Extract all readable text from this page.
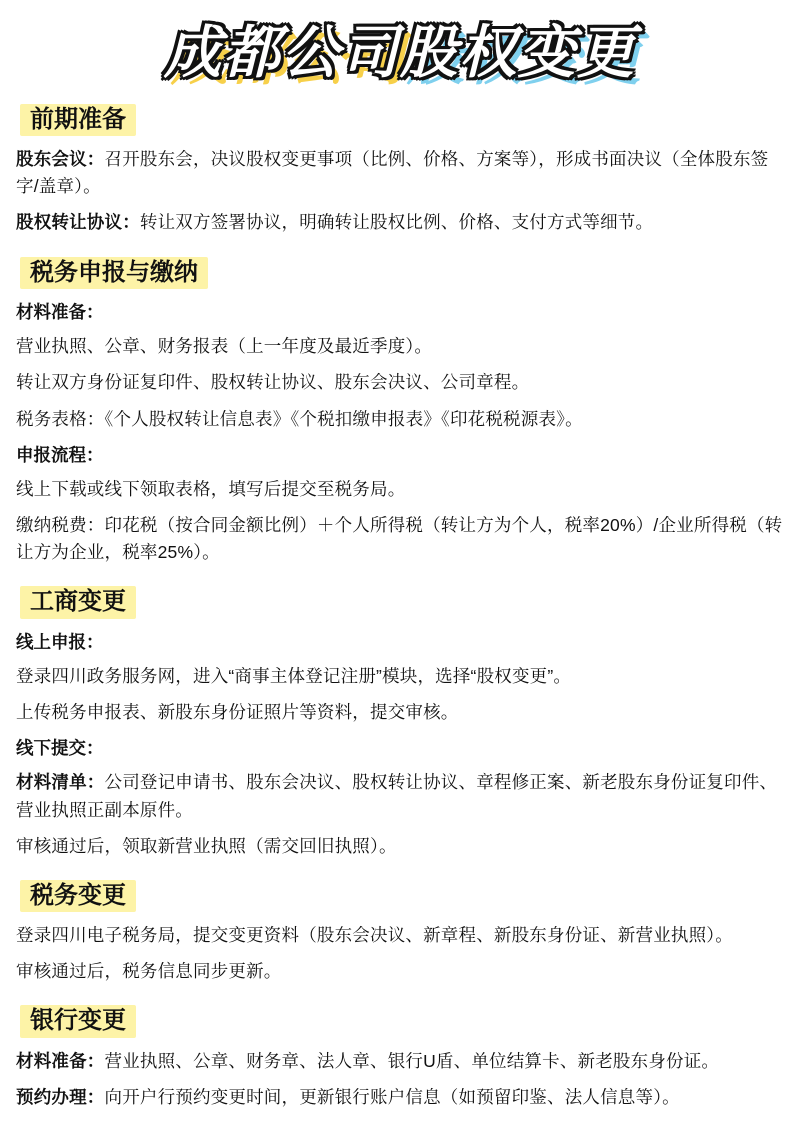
成都公司股权变更
前期准备

股东会议：召开股东会，决议股权变更事项（比例、价格、方案等），形成书面决议（全体股东签字/盖章）。

股权转让协议：转让双方签署协议，明确转让股权比例、价格、支付方式等细节。

税务申报与缴纳

材料准备：

营业执照、公章、财务报表（上一年度及最近季度）。

转让双方身份证复印件、股权转让协议、股东会决议、公司章程。

税务表格：《个人股权转让信息表》《个税扣缴申报表》《印花税税源表》。

申报流程：

线上下载或线下领取表格，填写后提交至税务局。

缴纳税费：印花税（按合同金额比例）＋个人所得税（转让方为个人，税率20%）/企业所得税（转让方为企业，税率25%）。

工商变更

线上申报：

登录四川政务服务网，进入“商事主体登记注册”模块，选择“股权变更”。

上传税务申报表、新股东身份证照片等资料，提交审核。

线下提交：

材料清单：公司登记申请书、股东会决议、股权转让协议、章程修正案、新老股东身份证复印件、营业执照正副本原件。

审核通过后，领取新营业执照（需交回旧执照）。

税务变更

登录四川电子税务局，提交变更资料（股东会决议、新章程、新股东身份证、新营业执照）。

审核通过后，税务信息同步更新。

银行变更

材料准备：营业执照、公章、财务章、法人章、银行U盾、单位结算卡、新老股东身份证。

预约办理：向开户行预约变更时间，更新银行账户信息（如预留印鉴、法人信息等）。
